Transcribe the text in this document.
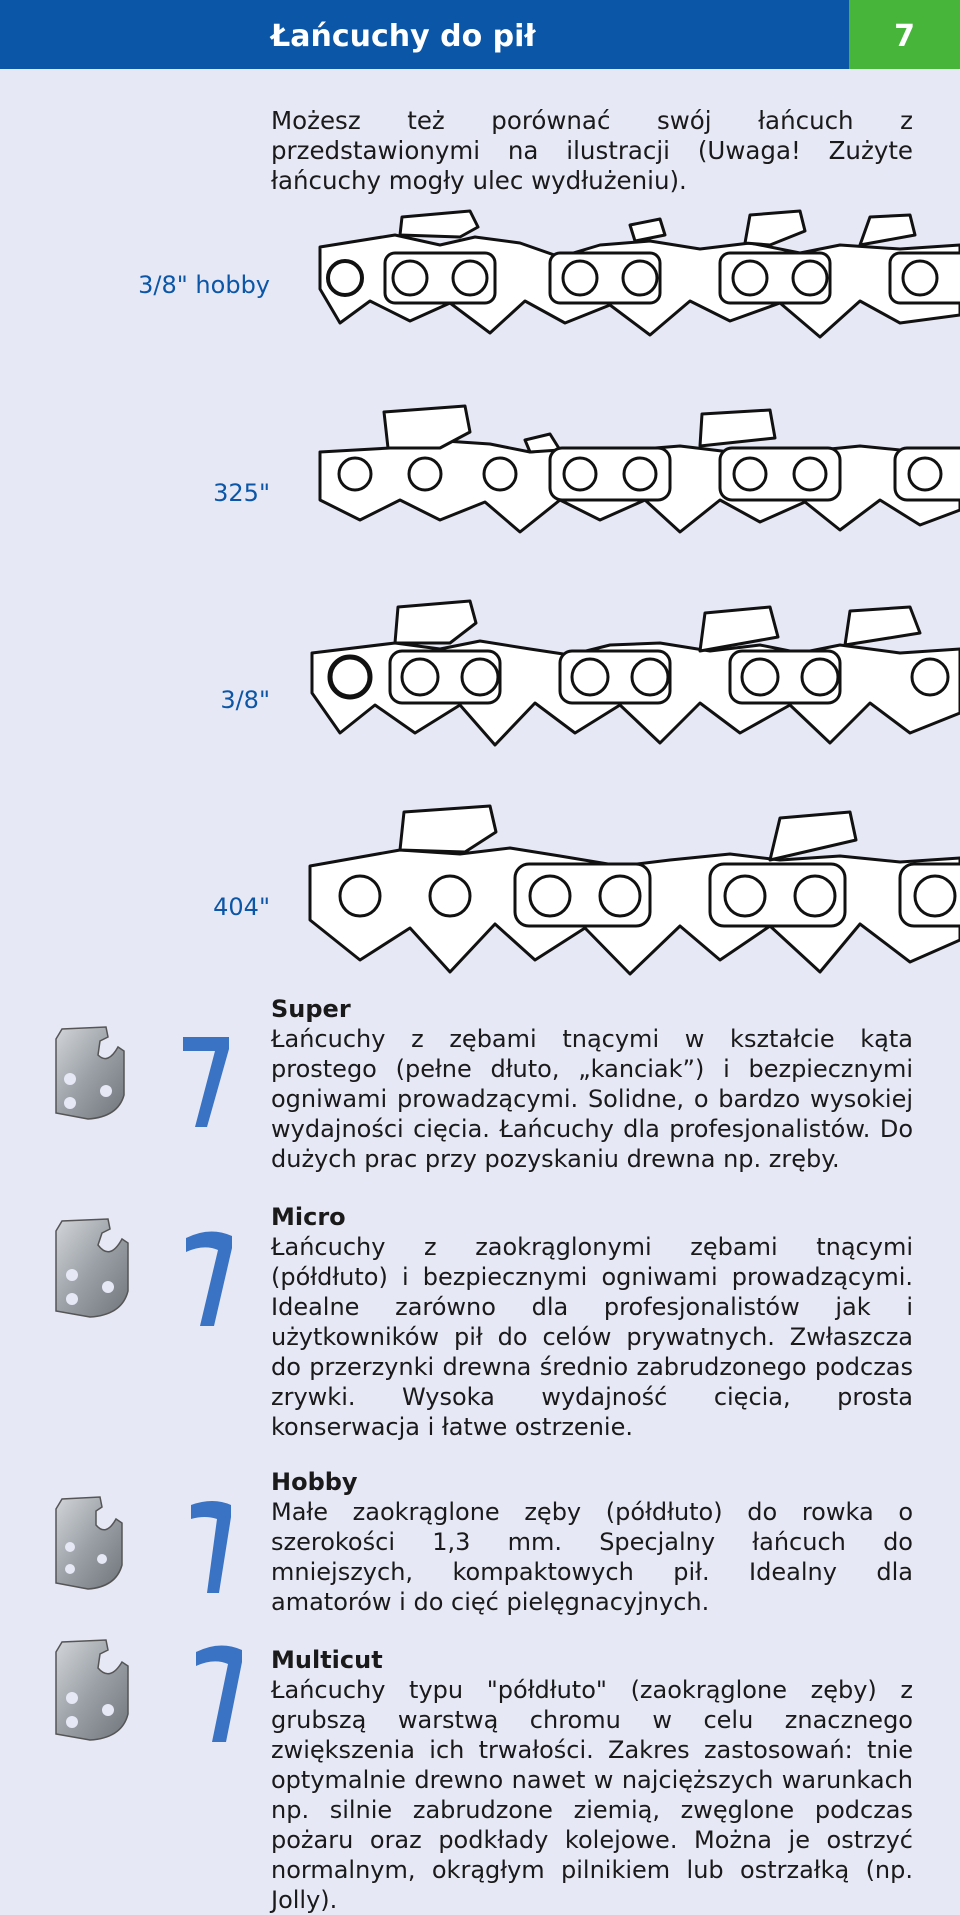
Łańcuchy do pił	7
Możesz też porównać swój łańcuch z przedstawionymi na ilustracji (Uwaga! Zużyte łańcuchy mogły ulec wydłużeniu).
3/8" hobby
325"
3/8"
404"
Super

Łańcuchy z zębami tnącymi w kształcie kąta prostego (pełne dłuto, „kanciak”) i bezpiecznymi ogniwami prowadzącymi. Solidne, o bardzo wysokiej wydajności cięcia. Łańcuchy dla profesjonalistów. Do dużych prac przy pozyskaniu drewna np. zręby.

Micro

Łańcuchy z zaokrąglonymi zębami tnącymi (półdłuto) i bezpiecznymi ogniwami prowadzącymi. Idealne zarówno dla profesjonalistów jak i użytkowników pił do celów prywatnych. Zwłaszcza do przerzynki drewna średnio zabrudzonego podczas zrywki. Wysoka wydajność cięcia, prosta konserwacja i łatwe ostrzenie.

Hobby

Małe zaokrąglone zęby (półdłuto) do rowka o szerokości 1,3 mm. Specjalny łańcuch do mniejszych, kompaktowych pił. Idealny dla amatorów i do cięć pielęgnacyjnych.

Multicut

Łańcuchy typu "półdłuto" (zaokrąglone zęby) z grubszą warstwą chromu w celu znacznego zwiększenia ich trwałości. Zakres zastosowań: tnie optymalnie drewno nawet w najcięższych warunkach np. silnie zabrudzone ziemią, zwęglone podczas pożaru oraz podkłady kolejowe. Można je ostrzyć normalnym, okrągłym pilnikiem lub ostrzałką (np. Jolly).
